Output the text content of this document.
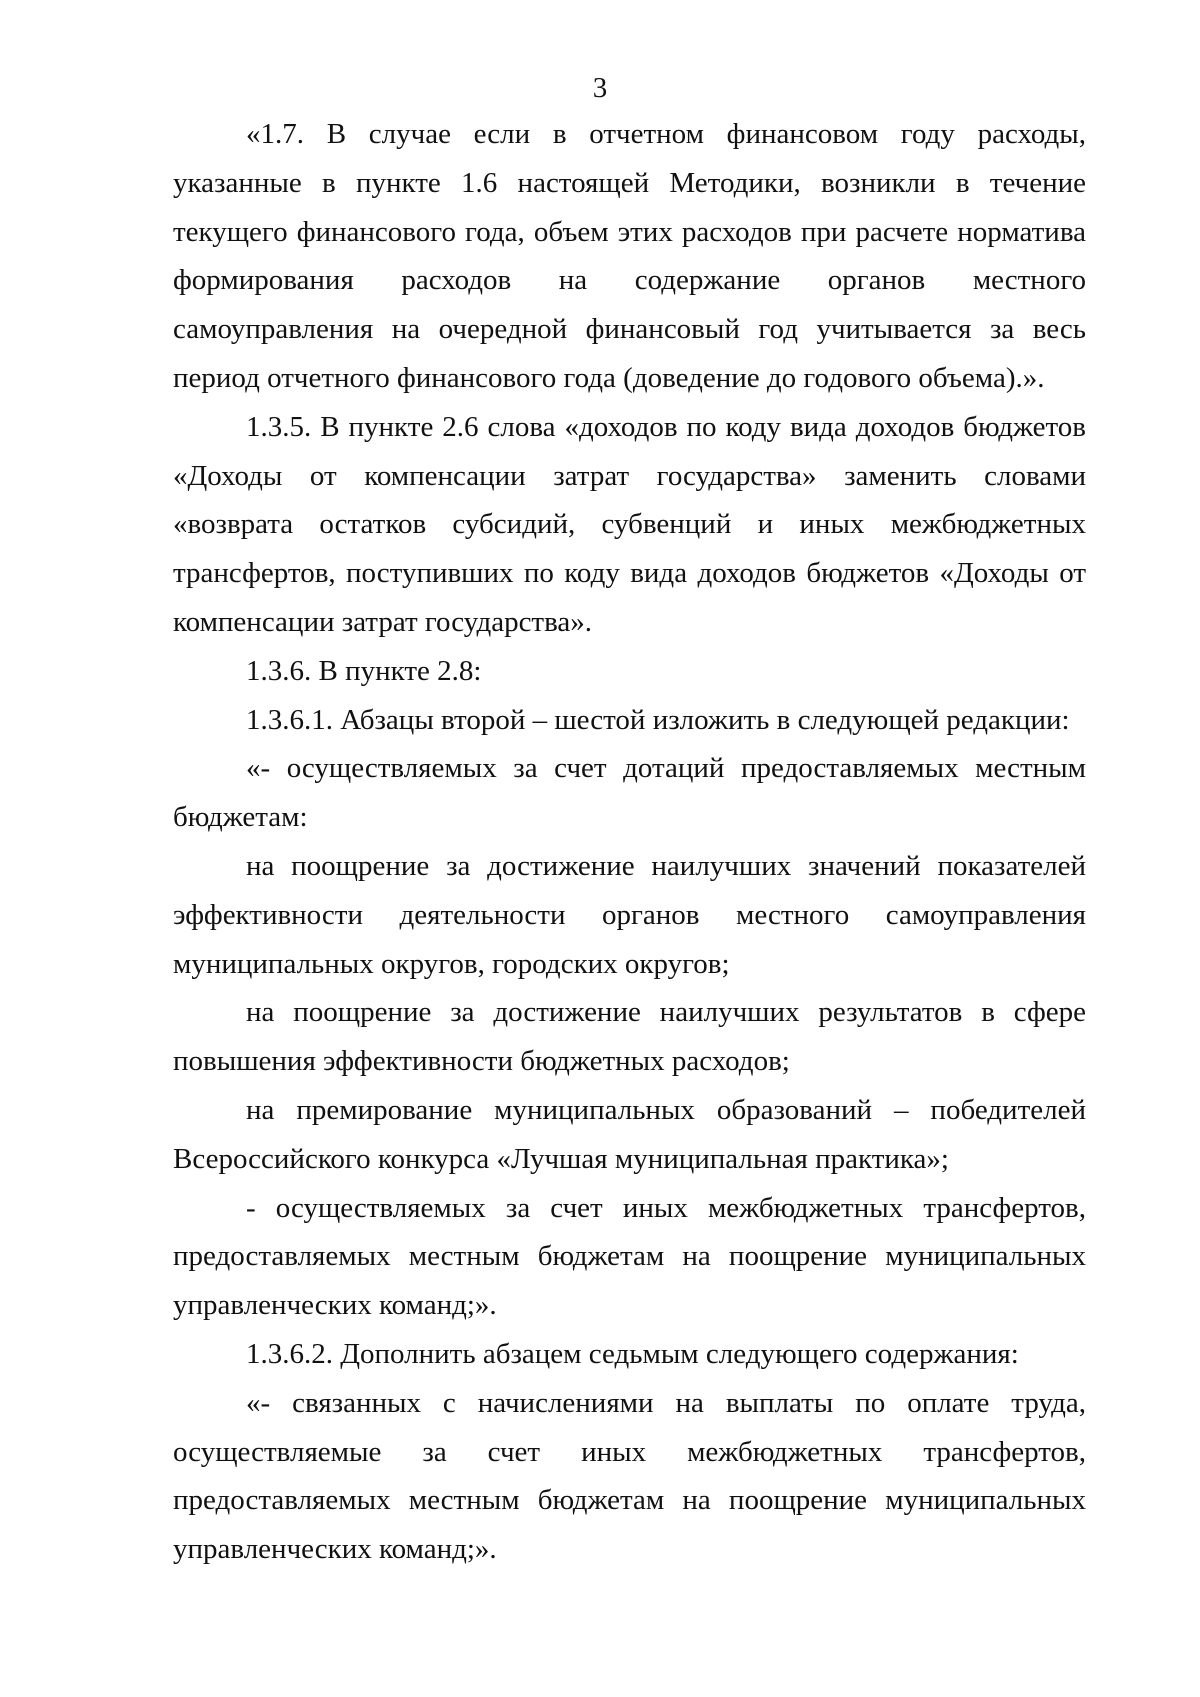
3

«1.7. В случае если в отчетном финансовом году расходы, указанные в пункте 1.6 настоящей Методики, возникли в течение текущего финансового года, объем этих расходов при расчете норматива формирования расходов на содержание органов местного самоуправления на очередной финансовый год учитывается за весь период отчетного финансового года (доведение до годового объема).».

1.3.5. В пункте 2.6 слова «доходов по коду вида доходов бюджетов «Доходы от компенсации затрат государства» заменить словами «возврата остатков субсидий, субвенций и иных межбюджетных трансфертов, поступивших по коду вида доходов бюджетов «Доходы от компенсации затрат государства».

1.3.6. В пункте 2.8:

1.3.6.1. Абзацы второй – шестой изложить в следующей редакции:

«- осуществляемых за счет дотаций предоставляемых местным бюджетам:

на поощрение за достижение наилучших значений показателей эффективности деятельности органов местного самоуправления муниципальных округов, городских округов;

на поощрение за достижение наилучших результатов в сфере повышения эффективности бюджетных расходов;

на премирование муниципальных образований – победителей Всероссийского конкурса «Лучшая муниципальная практика»;

- осуществляемых за счет иных межбюджетных трансфертов, предоставляемых местным бюджетам на поощрение муниципальных управленческих команд;».

1.3.6.2. Дополнить абзацем седьмым следующего содержания:

«- связанных с начислениями на выплаты по оплате труда, осуществляемые за счет иных межбюджетных трансфертов, предоставляемых местным бюджетам на поощрение муниципальных управленческих команд;».
